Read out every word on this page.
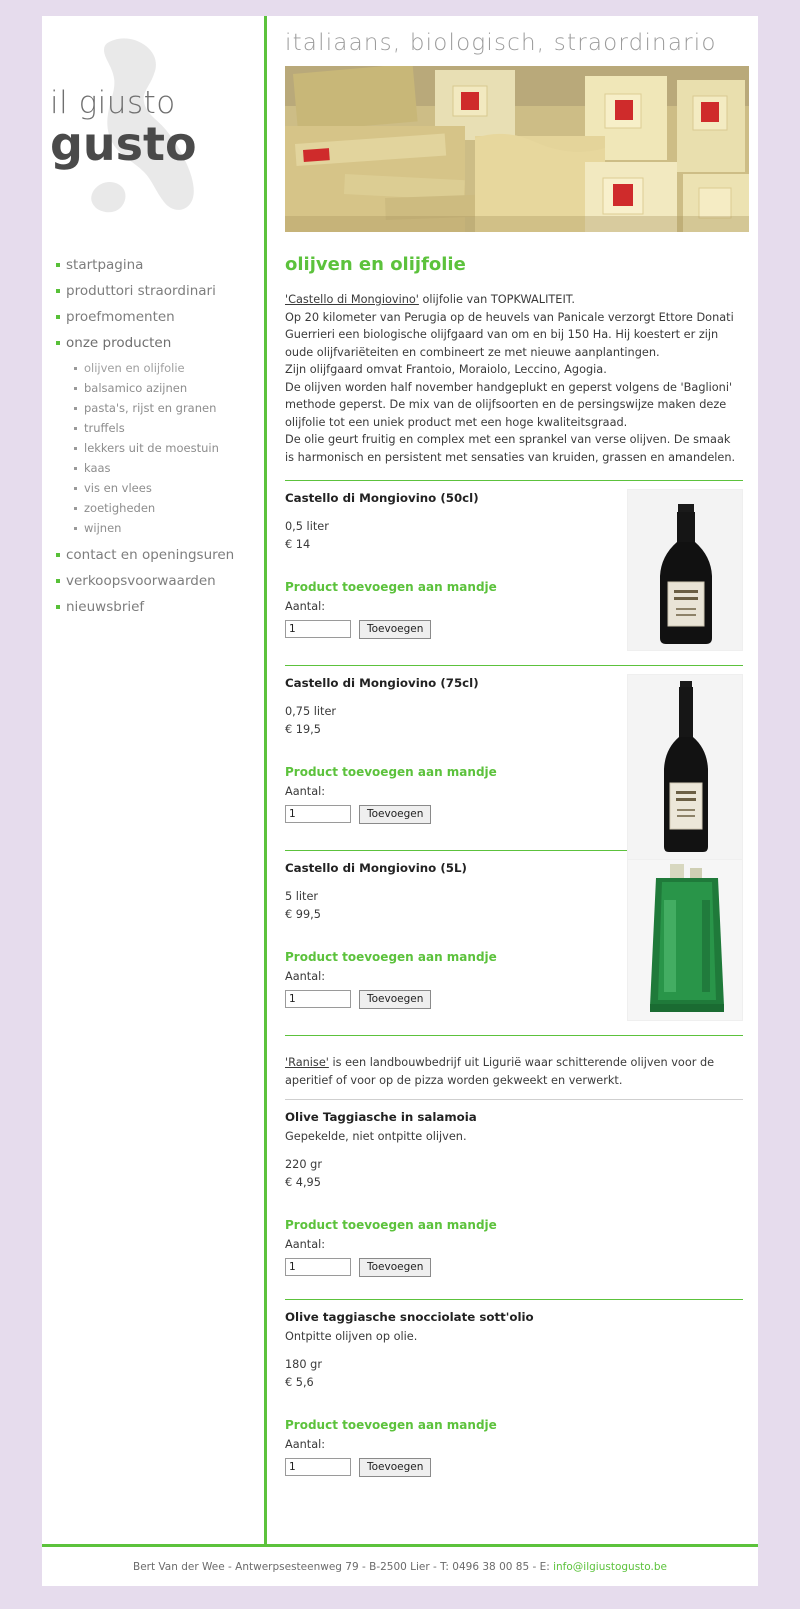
il giusto
gusto
startpagina
produttori straordinari
proefmomenten
onze producten
olijven en olijfolie
balsamico azijnen
pasta's, rijst en granen
truffels
lekkers uit de moestuin
kaas
vis en vlees
zoetigheden
wijnen
contact en openingsuren
verkoopsvoorwaarden
nieuwsbrief
italiaans, biologisch, straordinario
olijven en olijfolie
'Castello di Mongiovino' olijfolie van TOPKWALITEIT.
Op 20 kilometer van Perugia op de heuvels van Panicale verzorgt Ettore Donati Guerrieri een biologische olijfgaard van om en bij 150 Ha. Hij koestert er zijn oude olijfvariëteiten en combineert ze met nieuwe aanplantingen.
Zijn olijfgaard omvat Frantoio, Moraiolo, Leccino, Agogia.
De olijven worden half november handgeplukt en geperst volgens de 'Baglioni' methode geperst. De mix van de olijfsoorten en de persingswijze maken deze olijfolie tot een uniek product met een hoge kwaliteitsgraad.
De olie geurt fruitig en complex met een sprankel van verse olijven. De smaak is harmonisch en persistent met sensaties van kruiden, grassen en amandelen.
Castello di Mongiovino (50cl)
0,5 liter
€ 14
Product toevoegen aan mandje
Aantal:
1
Toevoegen
Castello di Mongiovino (75cl)
0,75 liter
€ 19,5
Product toevoegen aan mandje
Aantal:
1
Toevoegen
Castello di Mongiovino (5L)
5 liter
€ 99,5
Product toevoegen aan mandje
Aantal:
1
Toevoegen
'Ranise' is een landbouwbedrijf uit Ligurië waar schitterende olijven voor de aperitief of voor op de pizza worden gekweekt en verwerkt.
Olive Taggiasche in salamoia
Gepekelde, niet ontpitte olijven.
220 gr
€ 4,95
Product toevoegen aan mandje
Aantal:
1
Toevoegen
Olive taggiasche snocciolate sott'olio
Ontpitte olijven op olie.
180 gr
€ 5,6
Product toevoegen aan mandje
Aantal:
1
Toevoegen
Bert Van der Wee - Antwerpsesteenweg 79 - B-2500 Lier - T: 0496 38 00 85 - E: info@ilgiustogusto.be
